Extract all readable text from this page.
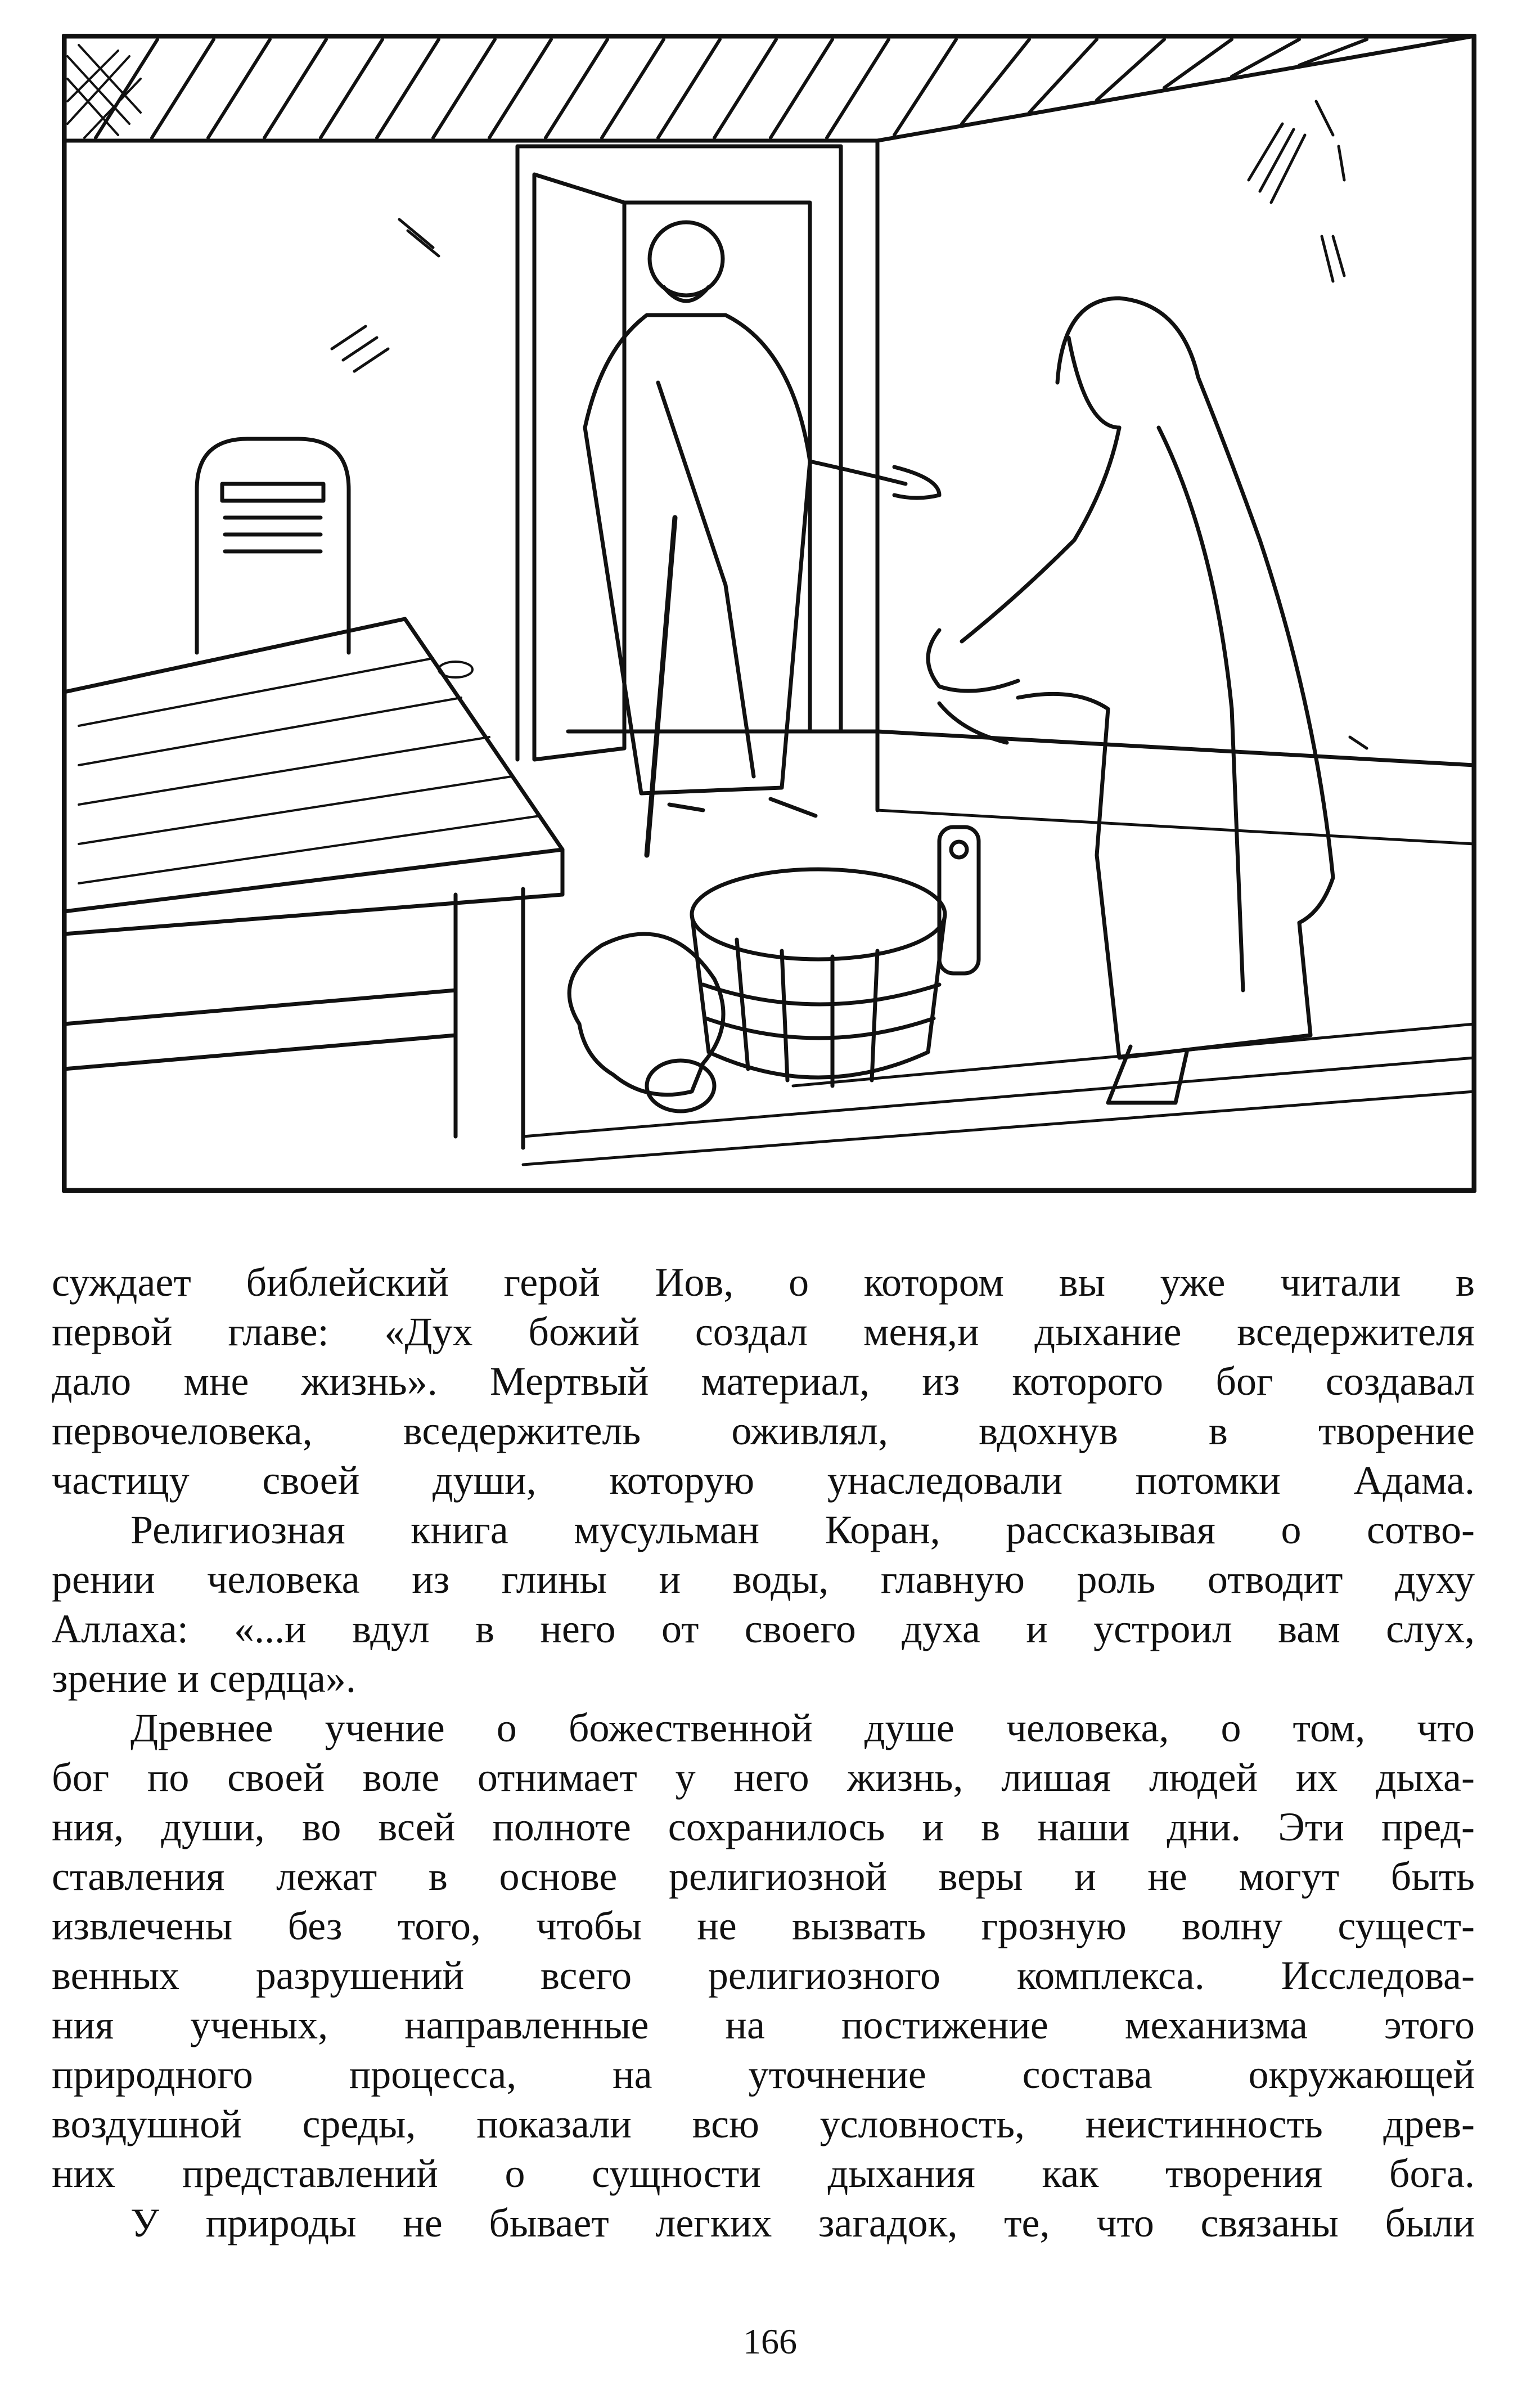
суждает библейский герой Иов, о котором вы уже читали в
первой главе: «Дух божий создал меня,и дыхание вседержителя
дало мне жизнь». Мертвый материал, из которого бог создавал
первочеловека, вседержитель оживлял, вдохнув в творение
частицу своей души, которую унаследовали потомки Адама.

Религиозная книга мусульман Коран, рассказывая о сотво-
рении человека из глины и воды, главную роль отводит духу
Аллаха: «...и вдул в него от своего духа и устроил вам слух,
зрение и сердца».

Древнее учение о божественной душе человека, о том, что
бог по своей воле отнимает у него жизнь, лишая людей их дыха-
ния, души, во всей полноте сохранилось и в наши дни. Эти пред-
ставления лежат в основе религиозной веры и не могут быть
извлечены без того, чтобы не вызвать грозную волну сущест-
венных разрушений всего религиозного комплекса. Исследова-
ния ученых, направленные на постижение механизма этого
природного процесса, на уточнение состава окружающей
воздушной среды, показали всю условность, неистинность древ-
них представлений о сущности дыхания как творения бога.

У природы не бывает легких загадок, те, что связаны были

166
